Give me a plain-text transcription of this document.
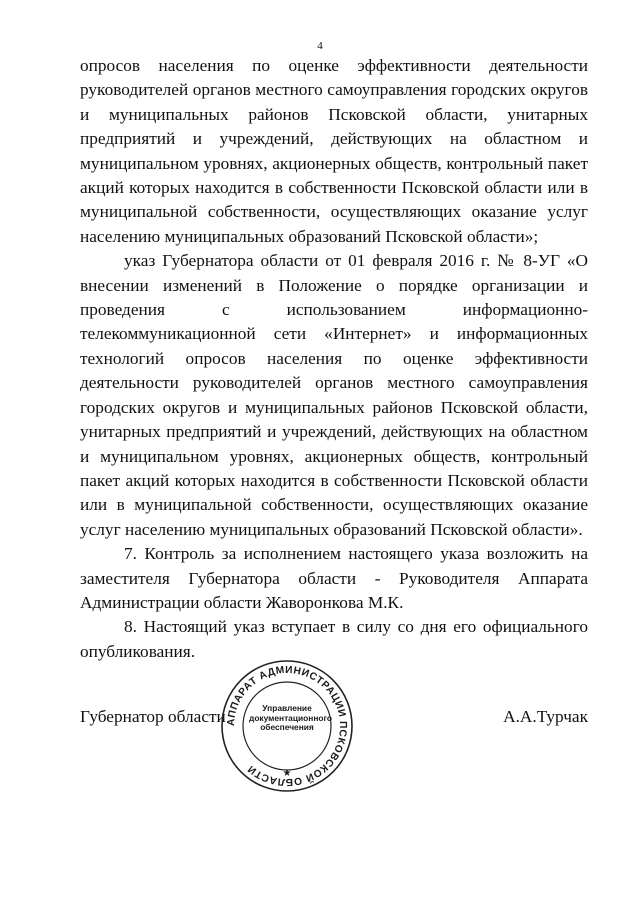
4

опросов населения по оценке эффективности деятельности руководителей органов местного самоуправления городских округов и муниципальных районов Псковской области, унитарных предприятий и учреждений, действующих на областном и муниципальном уровнях, акционерных обществ, контрольный пакет акций которых находится в собственности Псковской области или в муниципальной собственности, осуществляющих оказание услуг населению муниципальных образований Псковской области»;

указ Губернатора области от 01 февраля 2016 г. № 8-УГ «О внесении изменений в Положение о порядке организации и проведения с использованием информационно-телекоммуникационной сети «Интернет» и информационных технологий опросов населения по оценке эффективности деятельности руководителей органов местного самоуправления городских округов и муниципальных районов Псковской области, унитарных предприятий и учреждений, действующих на областном и муниципальном уровнях, акционерных обществ, контрольный пакет акций которых находится в собственности Псковской области или в муниципальной собственности, осуществляющих оказание услуг населению муниципальных образований Псковской области».

7. Контроль за исполнением настоящего указа возложить на заместителя Губернатора области - Руководителя Аппарата Администрации области Жаворонкова М.К.

8. Настоящий указ вступает в силу со дня его официального опубликования.

Губернатор области	А.А.Турчак
АППАРАТ АДМИНИСТРАЦИИ ПСКОВСКОЙ ОБЛАСТИ
Управление
документационного
обеспечения
★
